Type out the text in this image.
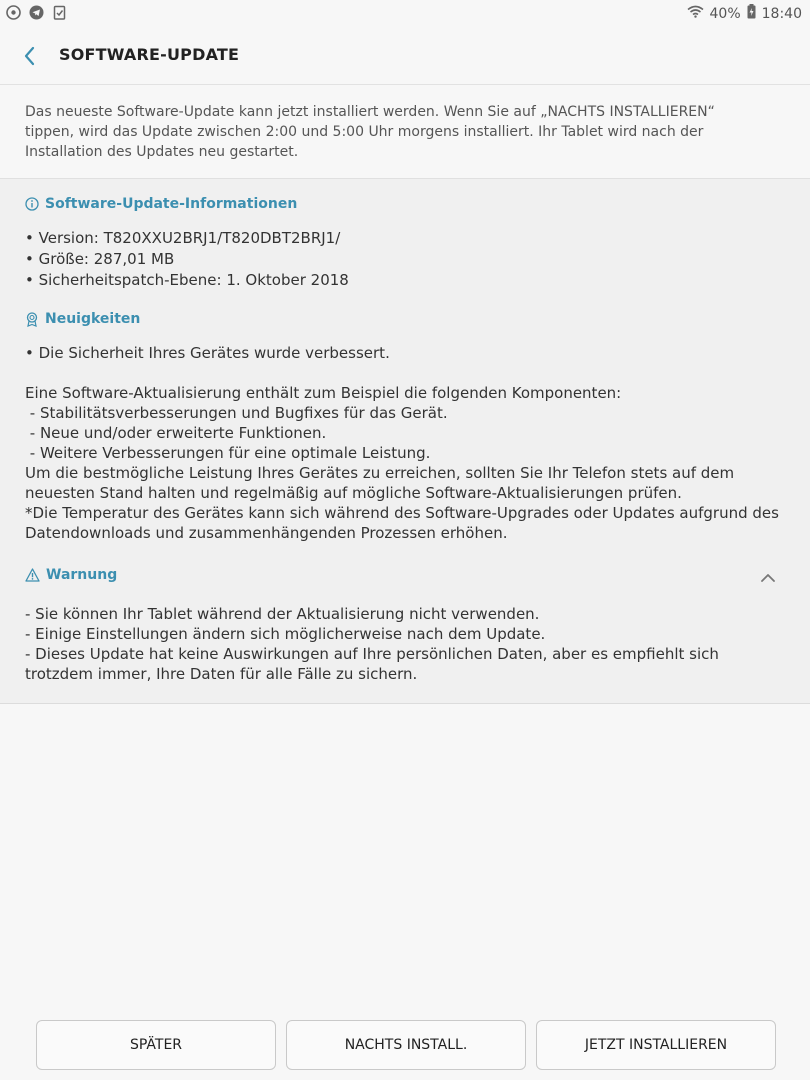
40% 18:40
SOFTWARE-UPDATE
Das neueste Software-Update kann jetzt installiert werden. Wenn Sie auf „NACHTS INSTALLIEREN“ tippen, wird das Update zwischen 2:00 und 5:00 Uhr morgens installiert. Ihr Tablet wird nach der Installation des Updates neu gestartet.
Software-Update-Informationen
• Version: T820XXU2BRJ1/T820DBT2BRJ1/
• Größe: 287,01 MB
• Sicherheitspatch-Ebene: 1. Oktober 2018
Neuigkeiten

• Die Sicherheit Ihres Gerätes wurde verbessert.

Eine Software-Aktualisierung enthält zum Beispiel die folgenden Komponenten:

- Stabilitätsverbesserungen und Bugfixes für das Gerät.

- Neue und/oder erweiterte Funktionen.

- Weitere Verbesserungen für eine optimale Leistung.

Um die bestmögliche Leistung Ihres Gerätes zu erreichen, sollten Sie Ihr Telefon stets auf dem neuesten Stand halten und regelmäßig auf mögliche Software-Aktualisierungen prüfen.

*Die Temperatur des Gerätes kann sich während des Software-Upgrades oder Updates aufgrund des Datendownloads und zusammenhängenden Prozessen erhöhen.

Warnung

- Sie können Ihr Tablet während der Aktualisierung nicht verwenden.

- Einige Einstellungen ändern sich möglicherweise nach dem Update.

- Dieses Update hat keine Auswirkungen auf Ihre persönlichen Daten, aber es empfiehlt sich trotzdem immer, Ihre Daten für alle Fälle zu sichern.

SPÄTER	NACHTS INSTALL.	JETZT INSTALLIEREN
